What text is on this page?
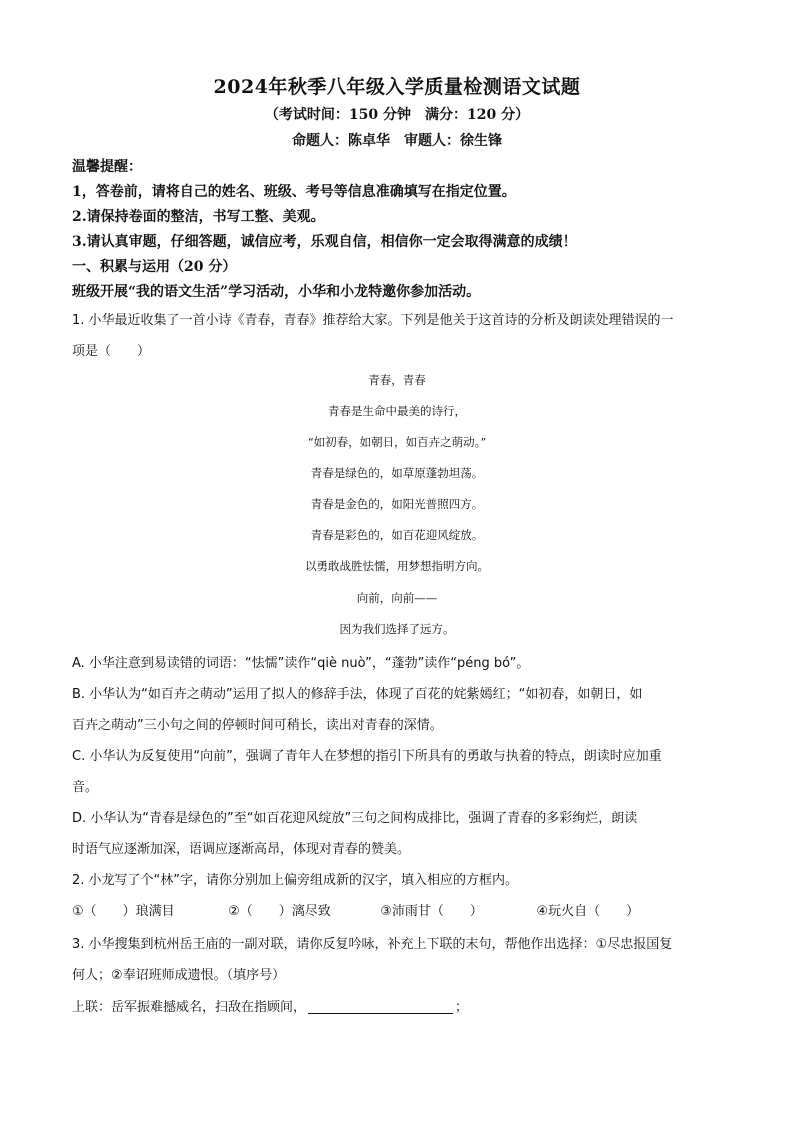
2024年秋季八年级入学质量检测语文试题
（考试时间：150 分钟　满分：120 分）
命题人：陈卓华　审题人：徐生锋
温馨提醒：
1，答卷前，请将自己的姓名、班级、考号等信息准确填写在指定位置。
2.请保持卷面的整洁，书写工整、美观。
3.请认真审题，仔细答题，诚信应考，乐观自信，相信你一定会取得满意的成绩！
一、积累与运用（20 分）
班级开展“我的语文生活”学习活动，小华和小龙特邀你参加活动。
1. 小华最近收集了一首小诗《青春，青春》推荐给大家。下列是他关于这首诗的分析及朗读处理错误的一
项是（　　）
青春，青春
青春是生命中最美的诗行，
“如初春，如朝日，如百卉之萌动。”
青春是绿色的，如草原蓬勃坦荡。
青春是金色的，如阳光普照四方。
青春是彩色的，如百花迎风绽放。
以勇敢战胜怯懦，用梦想指明方向。
向前，向前——
因为我们选择了远方。
A. 小华注意到易读错的词语：“怯懦”读作“qiè nuò”，“蓬勃”读作“péng bó”。
B. 小华认为“如百卉之萌动”运用了拟人的修辞手法，体现了百花的姹紫嫣红；“如初春，如朝日，如
百卉之萌动”三小句之间的停顿时间可稍长，读出对青春的深情。
C. 小华认为反复使用“向前”，强调了青年人在梦想的指引下所具有的勇敢与执着的特点，朗读时应加重
音。
D. 小华认为“青春是绿色的”至“如百花迎风绽放”三句之间构成排比，强调了青春的多彩绚烂，朗读
时语气应逐渐加深，语调应逐渐高昂，体现对青春的赞美。
2. 小龙写了个“林”字，请你分别加上偏旁组成新的汉字，填入相应的方框内。
①（　　）琅满目	②（　　）漓尽致	③沛雨甘（　　）	④玩火自（　　）
3. 小华搜集到杭州岳王庙的一副对联，请你反复吟咏，补充上下联的末句，帮他作出选择：①尽忠报国复
何人；②奉诏班师成遗恨。（填序号）
上联：岳军振难撼威名，扫敌在指顾间，	；
